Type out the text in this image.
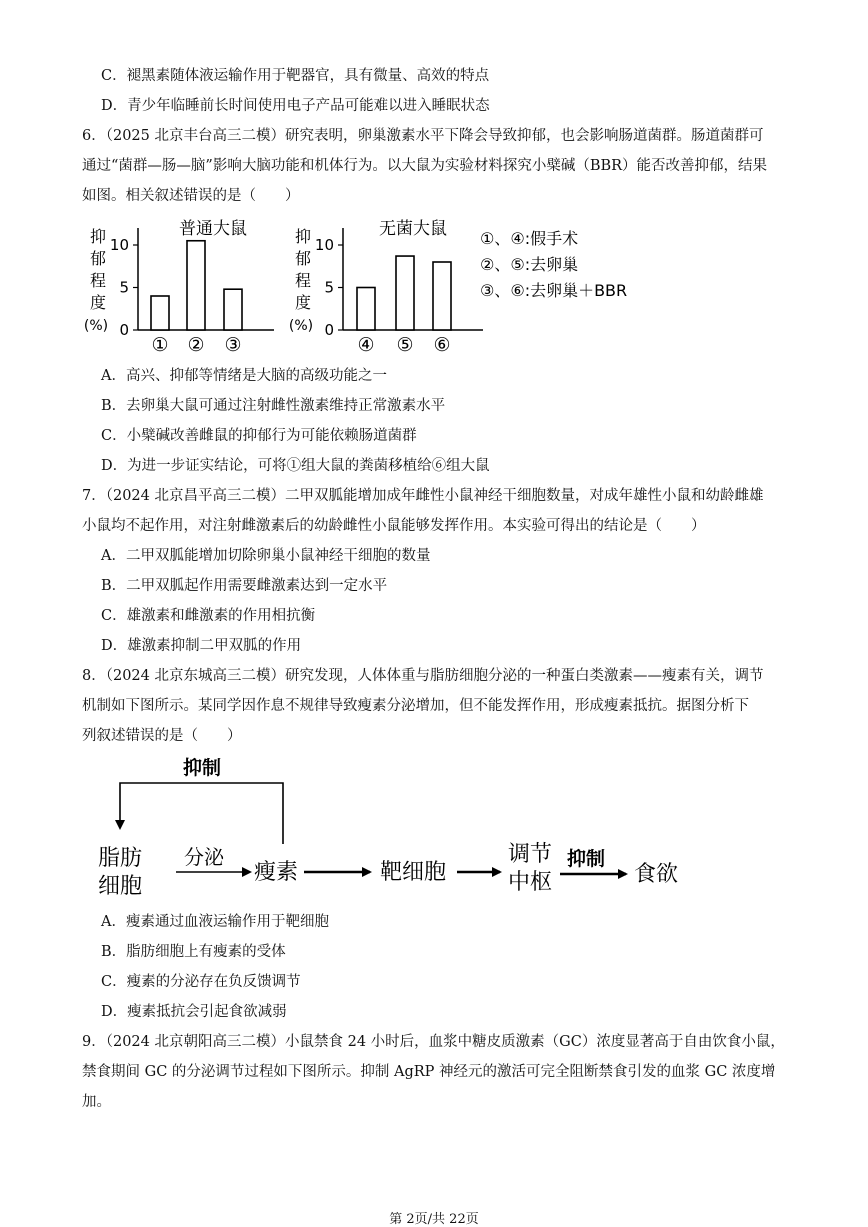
C．褪黑素随体液运输作用于靶器官，具有微量、高效的特点
D．青少年临睡前长时间使用电子产品可能难以进入睡眠状态
6．（2025 北京丰台高三二模）研究表明，卵巢激素水平下降会导致抑郁，也会影响肠道菌群。肠道菌群可
通过“菌群—肠—脑”影响大脑功能和机体行为。以大鼠为实验材料探究小檗碱（BBR）能否改善抑郁，结果
如图。相关叙述错误的是（　　）
抑
郁
程
度
(%)
普通大鼠
0
5
10
① ② ③
抑
郁
程
度
(%)
无菌大鼠
0
5
10
④ ⑤ ⑥
①、④:假手术
②、⑤:去卵巢
③、⑥:去卵巢＋BBR
A．高兴、抑郁等情绪是大脑的高级功能之一
B．去卵巢大鼠可通过注射雌性激素维持正常激素水平
C．小檗碱改善雌鼠的抑郁行为可能依赖肠道菌群
D．为进一步证实结论，可将①组大鼠的粪菌移植给⑥组大鼠
7．（2024 北京昌平高三二模）二甲双胍能增加成年雌性小鼠神经干细胞数量，对成年雄性小鼠和幼龄雌雄
小鼠均不起作用，对注射雌激素后的幼龄雌性小鼠能够发挥作用。本实验可得出的结论是（　　）
A．二甲双胍能增加切除卵巢小鼠神经干细胞的数量
B．二甲双胍起作用需要雌激素达到一定水平
C．雄激素和雌激素的作用相抗衡
D．雄激素抑制二甲双胍的作用
8．（2024 北京东城高三二模）研究发现，人体体重与脂肪细胞分泌的一种蛋白类激素——瘦素有关，调节
机制如下图所示。某同学因作息不规律导致瘦素分泌增加，但不能发挥作用，形成瘦素抵抗。据图分析下
列叙述错误的是（　　）
抑制
脂肪
细胞
分泌
瘦素	靶细胞
调节
中枢
抑制
食欲
A．瘦素通过血液运输作用于靶细胞
B．脂肪细胞上有瘦素的受体
C．瘦素的分泌存在负反馈调节
D．瘦素抵抗会引起食欲减弱
9．（2024 北京朝阳高三二模）小鼠禁食 24 小时后，血浆中糖皮质激素（GC）浓度显著高于自由饮食小鼠，
禁食期间 GC 的分泌调节过程如下图所示。抑制 AgRP 神经元的激活可完全阻断禁食引发的血浆 GC 浓度增
加。
第 2页/共 22页
